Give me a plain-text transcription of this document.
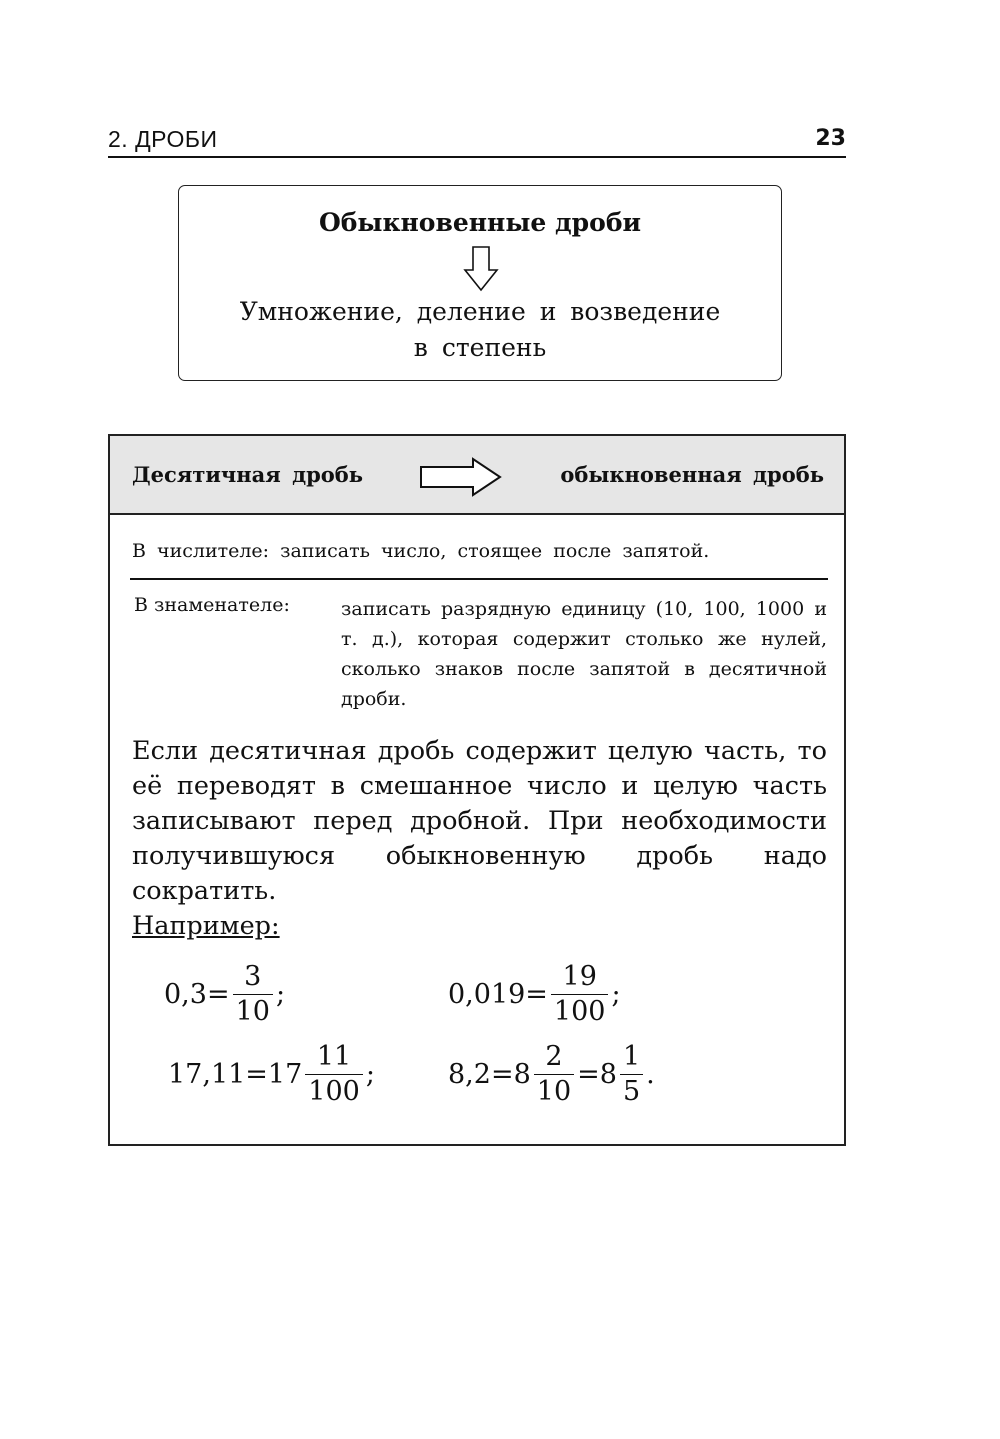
2. ДРОБИ	23
Обыкновенные дроби
Умножение, деление и возведение
в степень
Десятичная дробь	обыкновенная дробь
В числителе: записать число, стоящее после запятой.
В знаменателе:	записать разрядную единицу (10, 100, 1000 и т. д.), которая содержит столько же нулей, сколько знаков после запятой в десятичной дроби.
Если десятичная дробь содержит целую часть, то её переводят в смешанное число и целую часть записывают перед дробной. При необходимости получившуюся обыкновенную дробь надо сократить.
Например:
$0,3 = \frac{3}{10}$ ;	$0,019 = \frac{19}{100}$ ;
$17,11 = 17 \frac{11}{100}$ ;	$8,2 = 8 \frac{2}{10} = 8 \frac{1}{5}$ .
